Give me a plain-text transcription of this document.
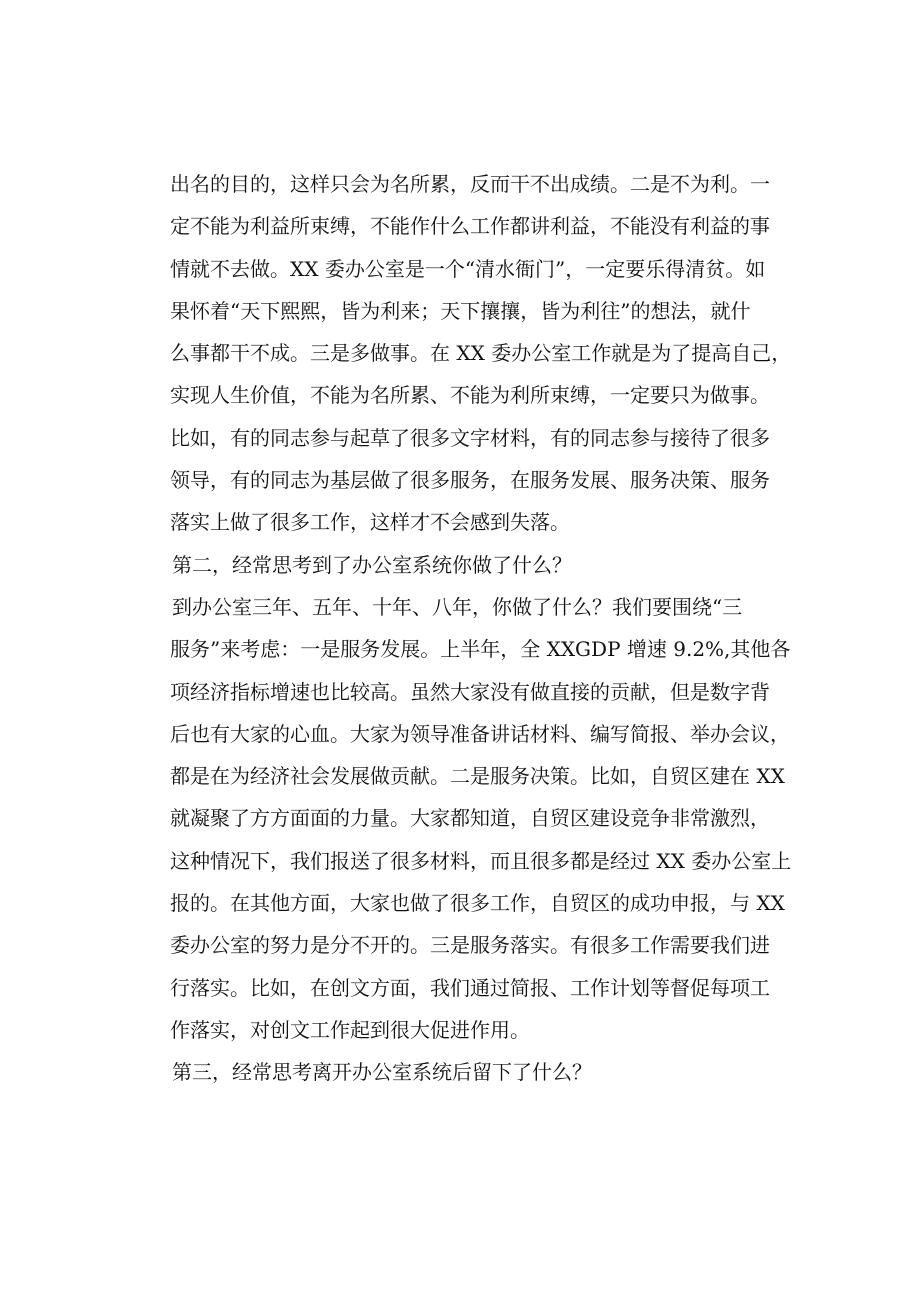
出名的目的，这样只会为名所累，反而干不出成绩。二是不为利。一
定不能为利益所束缚，不能作什么工作都讲利益，不能没有利益的事
情就不去做。XX 委办公室是一个“清水衙门”，一定要乐得清贫。如
果怀着“天下熙熙，皆为利来；天下攘攘，皆为利往”的想法，就什
么事都干不成。三是多做事。在 XX 委办公室工作就是为了提高自己，
实现人生价值，不能为名所累、不能为利所束缚，一定要只为做事。
比如，有的同志参与起草了很多文字材料，有的同志参与接待了很多
领导，有的同志为基层做了很多服务，在服务发展、服务决策、服务
落实上做了很多工作，这样才不会感到失落。
第二，经常思考到了办公室系统你做了什么？
到办公室三年、五年、十年、八年，你做了什么？我们要围绕“三
服务”来考虑：一是服务发展。上半年，全 XXGDP 增速 9.2%,其他各
项经济指标增速也比较高。虽然大家没有做直接的贡献，但是数字背
后也有大家的心血。大家为领导准备讲话材料、编写简报、举办会议，
都是在为经济社会发展做贡献。二是服务决策。比如，自贸区建在 XX
就凝聚了方方面面的力量。大家都知道，自贸区建设竞争非常激烈，
这种情况下，我们报送了很多材料，而且很多都是经过 XX 委办公室上
报的。在其他方面，大家也做了很多工作，自贸区的成功申报，与 XX
委办公室的努力是分不开的。三是服务落实。有很多工作需要我们进
行落实。比如，在创文方面，我们通过简报、工作计划等督促每项工
作落实，对创文工作起到很大促进作用。
第三，经常思考离开办公室系统后留下了什么？
